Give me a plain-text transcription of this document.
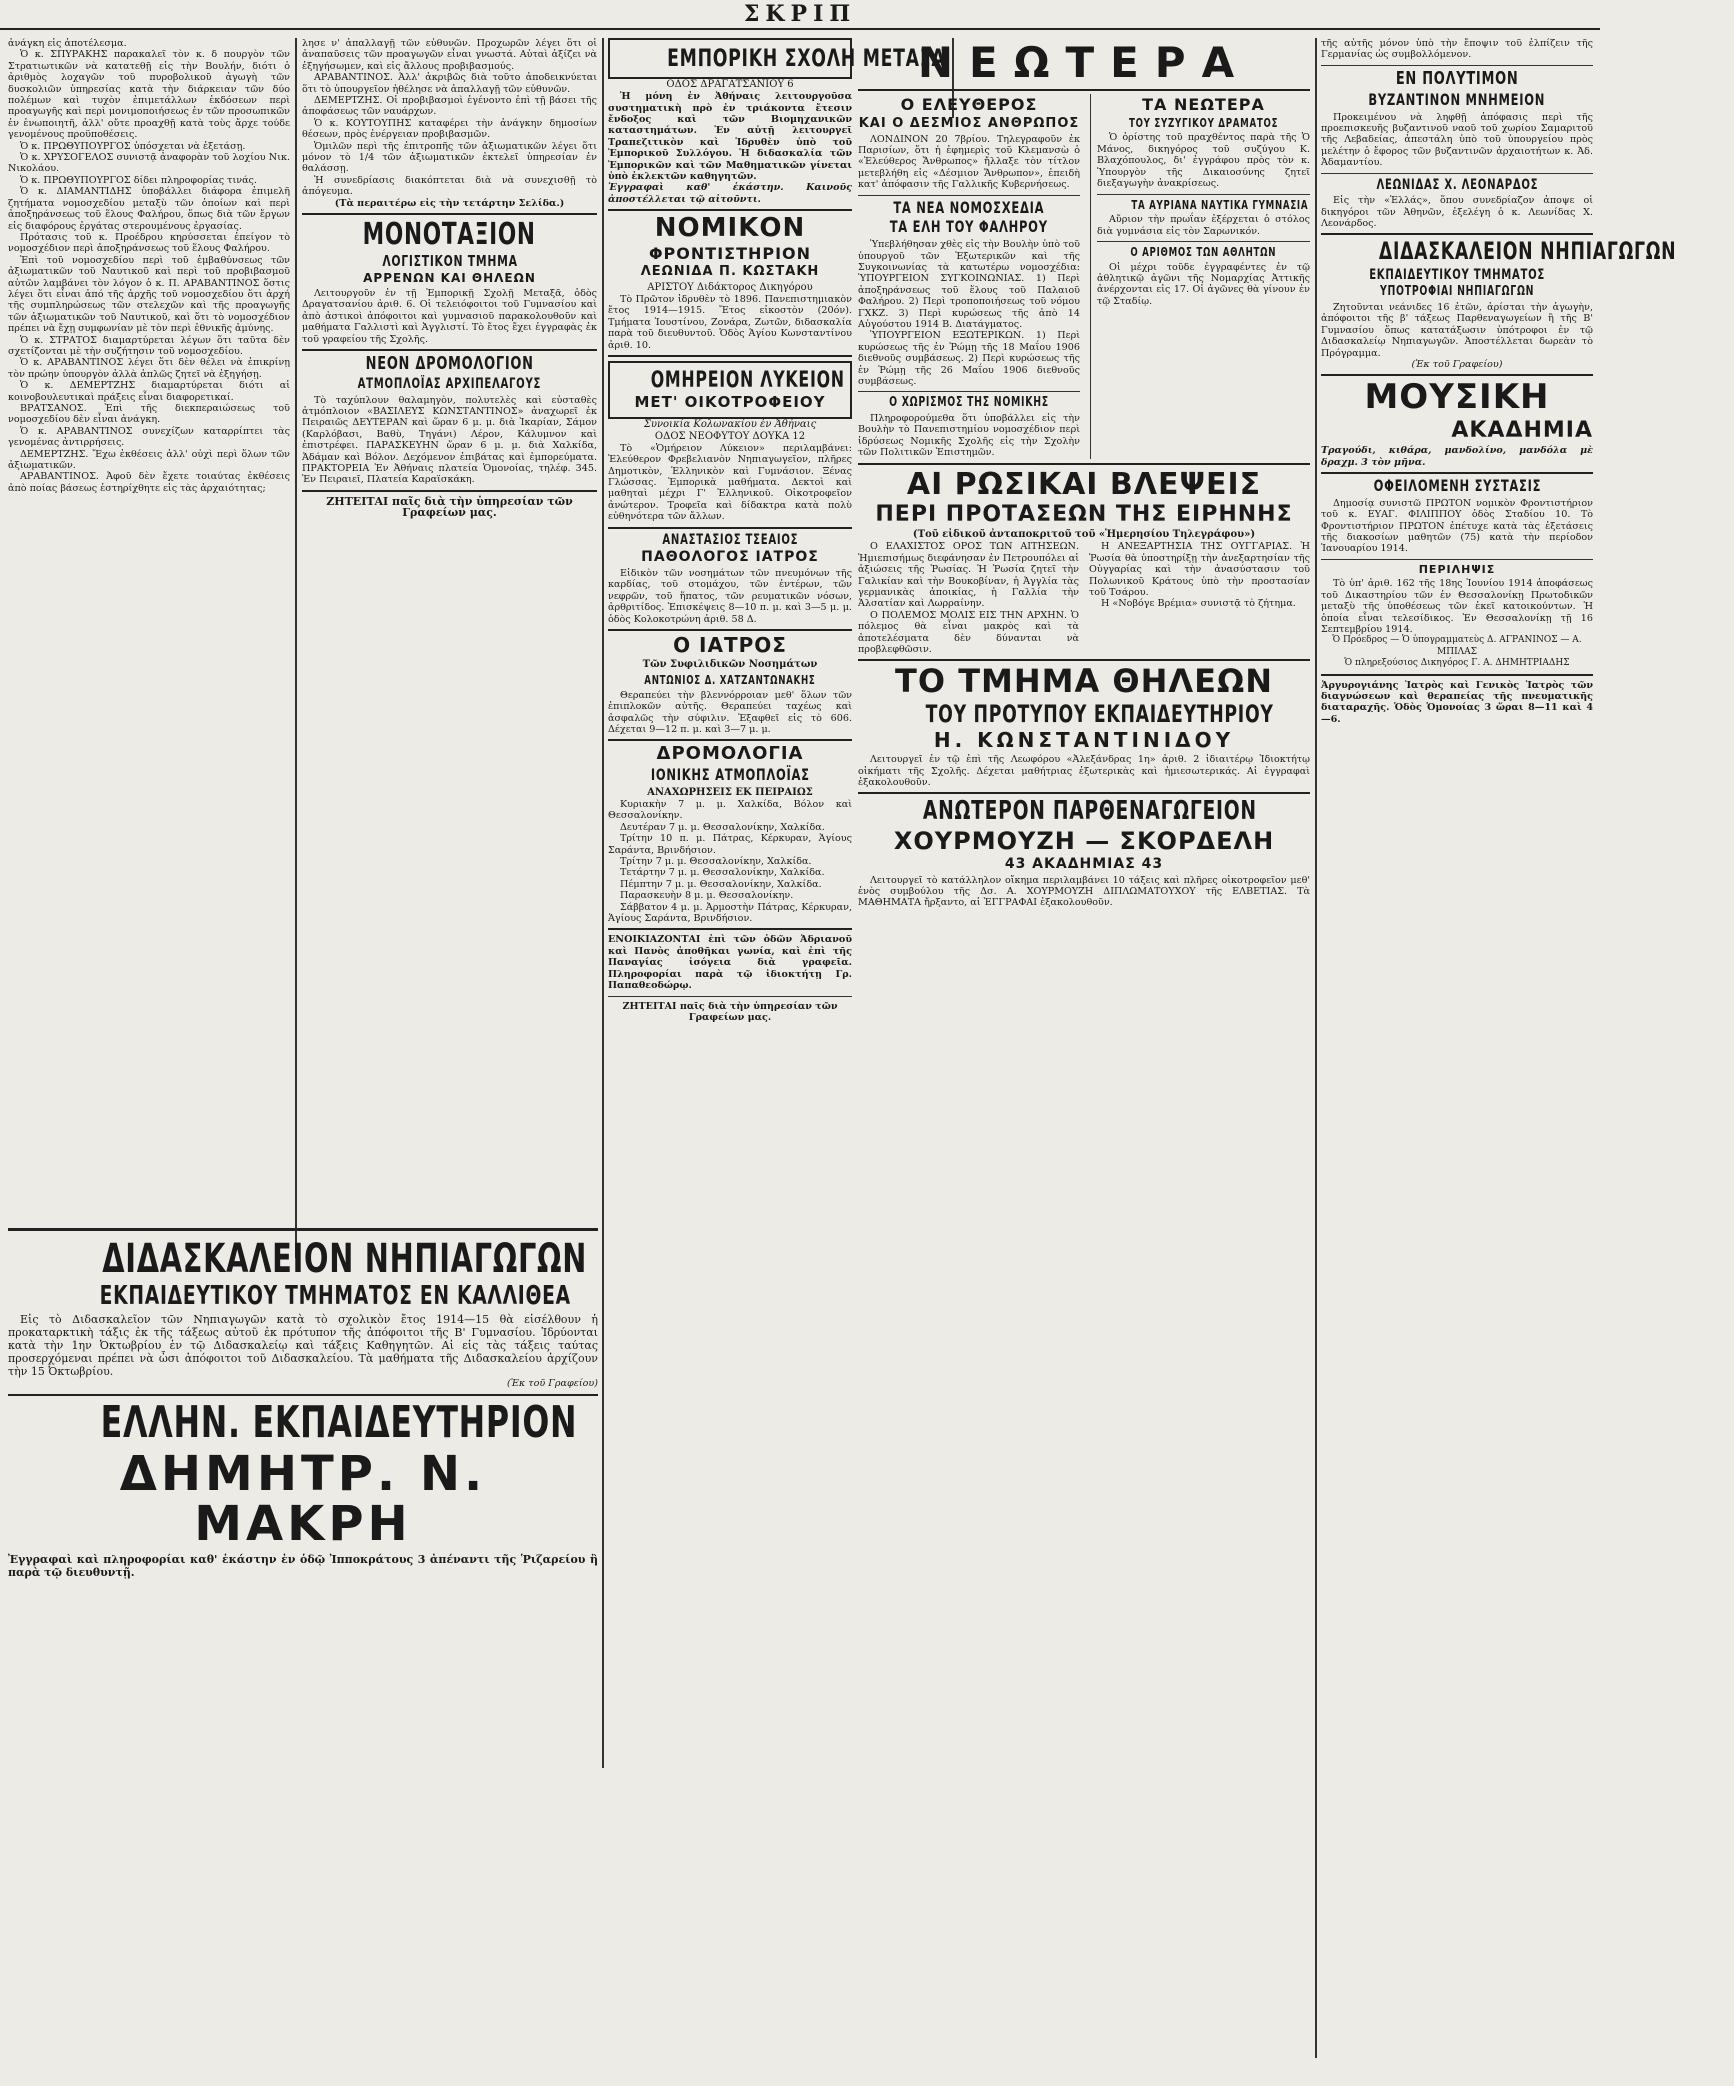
ΣΚΡΙΠ

ἀνάγκη εἰς ἀποτέλεσμα.

Ὁ κ. ΣΠΥΡΑΚΗΣ παρακαλεῖ τὸν κ. δ πουργὸν τῶν Στρατιωτικῶν νὰ κατατεθῇ εἰς τὴν Βουλήν, διότι ὁ ἀριθμὸς λοχαγῶν τοῦ πυροβολικοῦ ἀγωγὴ τῶν δυσκολιῶν ὑπηρεσίας κατὰ τὴν διάρκειαν τῶν δύο πολέμων καὶ τυχὸν ἐπιμετάλλων ἐκδόσεων περὶ προαγωγῆς καὶ περὶ μονιμοποιήσεως ἐν τῶν προσωπικῶν ἐν ἑνωποιητῆ, ἀλλ' οὔτε προαχθῇ κατὰ τοὺς ἄρχε τούδε γενομένους προϋποθέσεις.

Ὁ κ. ΠΡΩΘΥΠΟΥΡΓΟΣ ὑπόσχεται νὰ ἐξετάσῃ.

Ὁ κ. ΧΡΥΣΟΓΕΛΟΣ συνιστᾷ ἀναφορὰν τοῦ λοχίου Νικ. Νικολάου.

Ὁ κ. ΠΡΩΘΥΠΟΥΡΓΟΣ δίδει πληροφορίας τινάς.

Ὁ κ. ΔΙΑΜΑΝΤΙΔΗΣ ὑποβάλλει διάφορα ἐπιμελῆ ζητήματα νομοσχεδίου μεταξὺ τῶν ὁποίων καὶ περὶ ἀποξηράνσεως τοῦ ἕλους Φαλήρου, ὅπως διὰ τῶν ἔργων εἰς διαφόρους ἐργάτας στερουμένους ἐργασίας.

Πρότασις τοῦ κ. Προέδρου κηρύσσεται ἐπείγον τὸ νομοσχέδιον περὶ ἀποξηράνσεως τοῦ ἕλους Φαλήρου.

Ἐπὶ τοῦ νομοσχεδίου περὶ τοῦ ἐμβαθύνσεως τῶν ἀξιωματικῶν τοῦ Ναυτικοῦ καὶ περὶ τοῦ προβιβασμοῦ αὐτῶν λαμβάνει τὸν λόγον ὁ κ. Π. ΑΡΑΒΑΝΤΙΝΟΣ ὅστις λέγει ὅτι εἶναι ἀπό τῆς ἀρχῆς τοῦ νομοσχεδίου ὅτι ἀρχή τῆς συμπληρώσεως τῶν στελεχῶν καὶ τῆς προαγωγῆς τῶν ἀξιωματικῶν τοῦ Ναυτικοῦ, καὶ ὅτι τὸ νομοσχέδιον πρέπει νὰ ἔχῃ συμφωνίαν μὲ τὸν περὶ ἐθνικῆς ἀμύνης.

Ὁ κ. ΣΤΡΑΤΟΣ διαμαρτύρεται λέγων ὅτι ταῦτα δὲν σχετίζονται μὲ τὴν συζήτησιν τοῦ νομοσχεδίου.

Ὁ κ. ΑΡΑΒΑΝΤΙΝΟΣ λέγει ὅτι δὲν θέλει νὰ ἐπικρίνῃ τὸν πρώην ὑπουργὸν ἀλλὰ ἁπλῶς ζητεῖ νὰ ἐξηγήσῃ.

Ὁ κ. ΔΕΜΕΡΤΖΗΣ διαμαρτύρεται διότι αἱ κοινοβουλευτικαὶ πράξεις εἶναι διαφορετικαί.

ΒΡΑΤΣΑΝΟΣ. Ἐπὶ τῆς διεκπεραιώσεως τοῦ νομοσχεδίου δὲν εἶναι ἀνάγκη.

Ὁ κ. ΑΡΑΒΑΝΤΙΝΟΣ συνεχίζων καταρρίπτει τὰς γενομένας ἀντιρρήσεις.

ΔΕΜΕΡΤΖΗΣ. Ἔχω ἐκθέσεις ἀλλ' οὐχὶ περὶ ὅλων τῶν ἀξιωματικῶν.

ΑΡΑΒΑΝΤΙΝΟΣ. Ἀφοῦ δὲν ἔχετε τοιαύτας ἐκθέσεις ἀπὸ ποίας βάσεως ἐστηρίχθητε εἰς τὰς ἀρχαιότητας;

λησε ν' ἀπαλλαγῇ τῶν εὐθυνῶν. Προχωρῶν λέγει ὅτι οἱ ἀναπαῦσεις τῶν προαγωγῶν εἶναι γνωστά. Αὐταὶ ἀξίζει νὰ ἐξηγήσωμεν, καὶ εἰς ἄλλους προβιβασμούς.

ΑΡΑΒΑΝΤΙΝΟΣ. Ἀλλ' ἀκριβῶς διὰ τοῦτο ἀποδεικνύεται ὅτι τὸ ὑπουργεῖον ἠθέλησε νὰ ἀπαλλαγῇ τῶν εὐθυνῶν.

ΔΕΜΕΡΤΖΗΣ. Οἱ προβιβασμοὶ ἐγένοντο ἐπὶ τῇ βάσει τῆς ἀποφάσεως τῶν ναυάρχων.

Ὁ κ. ΚΟΥΤΟΥΠΗΣ καταφέρει τὴν ἀνάγκην δημοσίων θέσεων, πρὸς ἐνέργειαν προβιβασμῶν.

Ὁμιλῶν περὶ τῆς ἐπιτροπῆς τῶν ἀξιωματικῶν λέγει ὅτι μόνον τὸ 1/4 τῶν ἀξιωματικῶν ἐκτελεῖ ὑπηρεσίαν ἐν θαλάσσῃ.

Ἡ συνεδρίασις διακόπτεται διὰ νὰ συνεχισθῇ τὸ ἀπόγευμα.

(Τὰ περαιτέρω εἰς τὴν τετάρτην Σελίδα.)

ΜΟΝΟΤΑΞΙΟΝ
ΛΟΓΙΣΤΙΚΟΝ ΤΜΗΜΑ
ΑΡΡΕΝΩΝ ΚΑΙ ΘΗΛΕΩΝ

Λειτουργοῦν ἐν τῇ Ἐμπορικῇ Σχολῇ Μεταξᾶ, ὁδὸς Δραγατσανίου ἀριθ. 6. Οἱ τελειόφοιτοι τοῦ Γυμνασίου καὶ ἀπὸ ἀστικοὶ ἀπόφοιτοι καὶ γυμνασιοῦ παρακολουθοῦν καὶ μαθήματα Γαλλιστὶ καὶ Ἀγγλιστί. Τὸ ἔτος ἔχει ἐγγραφὰς ἐκ τοῦ γραφείου τῆς Σχολῆς.

ΝΕΟΝ ΔΡΟΜΟΛΟΓΙΟΝ
ΑΤΜΟΠΛΟΪΑΣ ΑΡΧΙΠΕΛΑΓΟΥΣ

Τὸ ταχύπλουν θαλαμηγὸν, πολυτελὲς καὶ εὐσταθὲς ἀτμόπλοιον «ΒΑΣΙΛΕΥΣ ΚΩΝΣΤΑΝΤΙΝΟΣ» ἀναχωρεῖ ἐκ Πειραιῶς ΔΕΥΤΕΡΑΝ καὶ ὥραν 6 μ. μ. διὰ Ἰκαρίαν, Σάμον (Καρλόβασι, Βαθὺ, Τηγάνι) Λέρον, Κάλυμνον καὶ ἐπιστρέφει. ΠΑΡΑΣΚΕΥΗΝ ὥραν 6 μ. μ. διὰ Χαλκίδα, Ἀδάμαν καὶ Βόλον. Δεχόμενον ἐπιβάτας καὶ ἐμπορεύματα. ΠΡΑΚΤΟΡΕΙΑ Ἐν Ἀθήναις πλατεία Ὁμονοίας, τηλέφ. 345. Ἐν Πειραιεῖ, Πλατεία Καραϊσκάκη.

ΖΗΤΕΙΤΑΙ παῖς διὰ τὴν ὑπηρεσίαν τῶν Γραφείων μας.

ΕΜΠΟΡΙΚΗ ΣΧΟΛΗ ΜΕΤΑΞΑ
ΟΔΟΣ ΔΡΑΓΑΤΣΑΝΙΟΥ 6

Ἡ μόνη ἐν Ἀθήναις λειτουργοῦσα συστηματικὴ πρὸ ἐν τριάκοντα ἔτεσιν ἔνδοξος καὶ τῶν Βιομηχανικῶν καταστημάτων. Ἐν αὐτῇ λειτουργεῖ Τραπεζιτικὸν καὶ Ἱδρυθὲν ὑπὸ τοῦ Ἐμπορικοῦ Συλλόγου. Ἡ διδασκαλία τῶν Ἐμπορικῶν καὶ τῶν Μαθηματικῶν γίνεται ὑπὸ ἐκλεκτῶν καθηγητῶν.

Ἐγγραφαὶ καθ' ἑκάστην. Καινοῦς ἀποστέλλεται τῷ αἰτοῦντι.

ΝΟΜΙΚΟΝ
ΦΡΟΝΤΙΣΤΗΡΙΟΝ
ΛΕΩΝΙΔΑ Π. ΚΩΣΤΑΚΗ
ΑΡΙΣΤΟΥ Διδάκτορος Δικηγόρου

Τὸ Πρῶτον ἱδρυθὲν τὸ 1896. Πανεπιστημιακὸν ἔτος 1914—1915. Ἔτος εἰκοστὸν (20όν). Τμήματα Ἰουστίνου, Ζονάρα, Ζωτῶν, διδασκαλία παρὰ τοῦ διευθυντοῦ. Ὁδὸς Ἁγίου Κωνσταντίνου ἀριθ. 10.

ΟΜΗΡΕΙΟΝ ΛΥΚΕΙΟΝ
ΜΕΤ' ΟΙΚΟΤΡΟΦΕΙΟΥ
Συνοικία Κολωνακίου ἐν Ἀθήναις
ΟΔΟΣ ΝΕΟΦΥΤΟΥ ΔΟΥΚΑ 12

Τὸ «Ὁμήρειον Λύκειον» περιλαμβάνει: Ἐλεύθερον Φρεβελιανὸν Νηπιαγωγεῖον, πλῆρες Δημοτικὸν, Ἑλληνικὸν καὶ Γυμνάσιον. Ξένας Γλώσσας. Ἐμπορικὰ μαθήματα. Δεκτοὶ καὶ μαθηταὶ μέχρι Γ' Ἑλληνικοῦ. Οἰκοτροφεῖον ἀνώτερον. Τροφεῖα καὶ δίδακτρα κατὰ πολὺ εὐθηνότερα τῶν ἄλλων.

ΑΝΑΣΤΑΣΙΟΣ ΤΣΕΑΙΟΣ
ΠΑΘΟΛΟΓΟΣ ΙΑΤΡΟΣ

Εἰδικὸν τῶν νοσημάτων τῶν πνευμόνων τῆς καρδίας, τοῦ στομάχου, τῶν ἐντέρων, τῶν νεφρῶν, τοῦ ἥπατος, τῶν ρευματικῶν νόσων, ἀρθριτίδος. Ἐπισκέψεις 8—10 π. μ. καὶ 3—5 μ. μ. ὁδὸς Κολοκοτρώνη ἀριθ. 58 Δ.

Ο ΙΑΤΡΟΣ
Τῶν Συφιλιδικῶν Νοσημάτων
ΑΝΤΩΝΙΟΣ Δ. ΧΑΤΖΑΝΤΩΝΑΚΗΣ

Θεραπεύει τὴν βλεννόρροιαν μεθ' ὅλων τῶν ἐπιπλοκῶν αὐτῆς. Θεραπεύει ταχέως καὶ ἀσφαλῶς τὴν σύφιλιν. Ἐξαφθεῖ εἰς τὸ 606. Δέχεται 9—12 π. μ. καὶ 3—7 μ. μ.

ΔΡΟΜΟΛΟΓΙΑ
ΙΟΝΙΚΗΣ ΑΤΜΟΠΛΟΪΑΣ
ΑΝΑΧΩΡΗΣΕΙΣ ΕΚ ΠΕΙΡΑΙΩΣ

Κυριακὴν 7 μ. μ. Χαλκίδα, Βόλον καὶ Θεσσαλονίκην.

Δευτέραν 7 μ. μ. Θεσσαλονίκην, Χαλκίδα.

Τρίτην 10 π. μ. Πάτρας, Κέρκυραν, Ἁγίους Σαράντα, Βρινδήσιον.

Τρίτην 7 μ. μ. Θεσσαλονίκην, Χαλκίδα.

Τετάρτην 7 μ. μ. Θεσσαλονίκην, Χαλκίδα.

Πέμπτην 7 μ. μ. Θεσσαλονίκην, Χαλκίδα.

Παρασκευὴν 8 μ. μ. Θεσσαλονίκην.

Σάββατον 4 μ. μ. Ἀρμοστὴν Πάτρας, Κέρκυραν, Ἁγίους Σαράντα, Βρινδήσιον.

ΕΝΟΙΚΙΑΖΟΝΤΑΙ ἐπὶ τῶν ὁδῶν Ἀδριανοῦ καὶ Πανὸς ἀποθῆκαι γωνία, καὶ ἐπὶ τῆς Παναγίας ἰσόγεια διὰ γραφεῖα. Πληροφορίαι παρὰ τῷ ἰδιοκτήτῃ Γρ. Παπαθεοδώρῳ.

ΖΗΤΕΙΤΑΙ παῖς διὰ τὴν ὑπηρεσίαν τῶν Γραφείων μας.

ΝΕΩΤΕΡΑ
Ο ΕΛΕΥΘΕΡΟΣ
ΚΑΙ Ο ΔΕΣΜΙΟΣ ΑΝΘΡΩΠΟΣ

ΛΟΝΔΙΝΟΝ 20 7βρίου. Τηλεγραφοῦν ἐκ Παρισίων, ὅτι ἡ ἐφημερὶς τοῦ Κλεμανσὼ ὁ «Ἐλεύθερος Ἄνθρωπος» ἤλλαξε τὸν τίτλον μετεβλήθη εἰς «Δέσμιον Ἄνθρωπον», ἐπειδὴ κατ' ἀπόφασιν τῆς Γαλλικῆς Κυβερνήσεως.

ΤΑ ΝΕΑ ΝΟΜΟΣΧΕΔΙΑ
ΤΑ ΕΛΗ ΤΟΥ ΦΑΛΗΡΟΥ

Ὑπεβλήθησαν χθὲς εἰς τὴν Βουλὴν ὑπὸ τοῦ ὑπουργοῦ τῶν Ἐξωτερικῶν καὶ τῆς Συγκοινωνίας τὰ κατωτέρω νομοσχέδια: ὙΠΟΥΡΓΕΙΟΝ ΣΥΓΚΟΙΝΩΝΙΑΣ. 1) Περὶ ἀποξηράνσεως τοῦ ἕλους τοῦ Παλαιοῦ Φαλήρου. 2) Περὶ τροποποιήσεως τοῦ νόμου ΓΧΚΖ. 3) Περὶ κυρώσεως τῆς ἀπὸ 14 Αὐγούστου 1914 Β. Διατάγματος.

ὙΠΟΥΡΓΕΙΟΝ ΕΞΩΤΕΡΙΚΩΝ. 1) Περὶ κυρώσεως τῆς ἐν Ῥώμῃ τῆς 18 Μαΐου 1906 διεθνοῦς συμβάσεως. 2) Περὶ κυρώσεως τῆς ἐν Ῥώμῃ τῆς 26 Μαΐου 1906 διεθνοῦς συμβάσεως.

Ο ΧΩΡΙΣΜΟΣ ΤΗΣ ΝΟΜΙΚΗΣ

Πληροφορούμεθα ὅτι ὑποβάλλει εἰς τὴν Βουλὴν τὸ Πανεπιστημίου νομοσχέδιον περὶ ἰδρύσεως Νομικῆς Σχολῆς εἰς τὴν Σχολὴν τῶν Πολιτικῶν Ἐπιστημῶν.

ΤΑ ΝΕΩΤΕΡΑ
ΤΟΥ ΣΥΖΥΓΙΚΟΥ ΔΡΑΜΑΤΟΣ

Ὁ ὀρίστης τοῦ πραχθέντος παρὰ τῆς Ὁ Μάνος, δικηγόρος τοῦ συζύγου Κ. Βλαχόπουλος, δι' ἐγγράφου πρὸς τὸν κ. Ὑπουργὸν τῆς Δικαιοσύνης ζητεῖ διεξαγωγὴν ἀνακρίσεως.

ΤΑ ΑΥΡΙΑΝΑ ΝΑΥΤΙΚΑ ΓΥΜΝΑΣΙΑ

Αὔριον τὴν πρωΐαν ἐξέρχεται ὁ στόλος διὰ γυμνάσια εἰς τὸν Σαρωνικόν.

Ο ΑΡΙΘΜΟΣ ΤΩΝ ΑΘΛΗΤΩΝ

Οἱ μέχρι τοῦδε ἐγγραφέντες ἐν τῷ ἀθλητικῷ ἀγῶνι τῆς Νομαρχίας Ἀττικῆς ἀνέρχονται εἰς 17. Οἱ ἀγῶνες θὰ γίνουν ἐν τῷ Σταδίῳ.

ΑΙ ΡΩΣΙΚΑΙ ΒΛΕΨΕΙΣ
ΠΕΡΙ ΠΡΟΤΑΣΕΩΝ ΤΗΣ ΕΙΡΗΝΗΣ
(Τοῦ εἰδικοῦ ἀνταποκριτοῦ τοῦ «Ἡμερησίου Τηλεγράφου»)

Ο ΕΛΑΧΙΣΤΟΣ ΟΡΟΣ ΤΩΝ ΑΙΤΗΣΕΩΝ. Ἡμιεπισήμως διεφάνησαν ἐν Πετρουπόλει αἱ ἀξιώσεις τῆς Ῥωσίας. Ἡ Ῥωσία ζητεῖ τὴν Γαλικίαν καὶ τὴν Βουκοβίναν, ἡ Ἀγγλία τὰς γερμανικὰς ἀποικίας, ἡ Γαλλία τὴν Ἀλσατίαν καὶ Λωρραίνην.

Ο ΠΟΛΕΜΟΣ ΜΟΛΙΣ ΕΙΣ ΤΗΝ ΑΡΧΗΝ. Ὁ πόλεμος θὰ εἶναι μακρὸς καὶ τὰ ἀποτελέσματα δὲν δύνανται νὰ προβλεφθῶσιν.

Η ΑΝΕΞΑΡΤΗΣΙΑ ΤΗΣ ΟΥΓΓΑΡΙΑΣ. Ἡ Ῥωσία θὰ ὑποστηρίξῃ τὴν ἀνεξαρτησίαν τῆς Οὐγγαρίας καὶ τὴν ἀνασύστασιν τοῦ Πολωνικοῦ Κράτους ὑπὸ τὴν προστασίαν τοῦ Τσάρου.

Η «Νοβόγε Βρέμια» συνιστᾷ τὸ ζήτημα.

ΤΟ ΤΜΗΜΑ ΘΗΛΕΩΝ
ΤΟΥ ΠΡΟΤΥΠΟΥ ΕΚΠΑΙΔΕΥΤΗΡΙΟΥ
Η. ΚΩΝΣΤΑΝΤΙΝΙΔΟΥ

Λειτουργεῖ ἐν τῷ ἐπὶ τῆς Λεωφόρου «Ἀλεξάνδρας 1η» ἀριθ. 2 ἰδιαιτέρῳ Ἰδιοκτήτῳ οἰκήματι τῆς Σχολῆς. Δέχεται μαθήτριας ἐξωτερικὰς καὶ ἡμιεσωτερικάς. Αἱ ἐγγραφαὶ ἐξακολουθοῦν.

ΑΝΩΤΕΡΟΝ ΠΑΡΘΕΝΑΓΩΓΕΙΟΝ
ΧΟΥΡΜΟΥΖΗ — ΣΚΟΡΔΕΛΗ
43 ΑΚΑΔΗΜΙΑΣ 43

Λειτουργεῖ τὸ κατάλληλον οἴκημα περιλαμβάνει 10 τάξεις καὶ πλῆρες οἰκοτροφεῖον μεθ' ἑνὸς συμβούλου τῆς Δσ. Α. ΧΟΥΡΜΟΥΖΗ ΔΙΠΛΩΜΑΤΟΥΧΟΥ τῆς ΕΛΒΕΤΙΑΣ. Τὰ ΜΑΘΗΜΑΤΑ ἤρξαντο, αἱ ἘΓΓΡΑΦΑΙ ἐξακολουθοῦν.

τῆς αὐτῆς μόνον ὑπὸ τὴν ἔποψιν τοῦ ἐλπίζειν τῆς Γερμανίας ὡς συμβολλόμενον.

ΕΝ ΠΟΛΥΤΙΜΟΝ
ΒΥΖΑΝΤΙΝΟΝ ΜΝΗΜΕΙΟΝ

Προκειμένου νὰ ληφθῇ ἀπόφασις περὶ τῆς προεπισκευῆς βυζαντινοῦ ναοῦ τοῦ χωρίου Σαμαριτοῦ τῆς Λεβαδείας, ἀπεστάλη ὑπὸ τοῦ ὑπουργείου πρὸς μελέτην ὁ ἔφορος τῶν βυζαντινῶν ἀρχαιοτήτων κ. Ἀδ. Ἀδαμαντίου.

ΛΕΩΝΙΔΑΣ Χ. ΛΕΟΝΑΡΔΟΣ

Εἰς τὴν «Ἑλλάς», ὅπου συνεδρίαζον ἀποψε οἱ δικηγόροι τῶν Ἀθηνῶν, ἐξελέγη ὁ κ. Λεωνίδας Χ. Λεονάρδος.

ΔΙΔΑΣΚΑΛΕΙΟΝ ΝΗΠΙΑΓΩΓΩΝ
ΕΚΠΑΙΔΕΥΤΙΚΟΥ ΤΜΗΜΑΤΟΣ
ΥΠΟΤΡΟΦΙΑΙ ΝΗΠΙΑΓΩΓΩΝ

Ζητοῦνται νεάνιδες 16 ἐτῶν, ἀρίσται τὴν ἀγωγὴν, ἀπόφοιτοι τῆς β' τάξεως Παρθεναγωγείων ἢ τῆς Β' Γυμνασίου ὅπως κατατάξωσιν ὑπότροφοι ἐν τῷ Διδασκαλείῳ Νηπιαγωγῶν. Ἀποστέλλεται δωρεὰν τὸ Πρόγραμμα.

(Ἐκ τοῦ Γραφείου)

ΜΟΥΣΙΚΗ
ΑΚΑΔΗΜΙΑ

Τραγούδι, κιθάρα, μανδολίνο, μανδόλα μὲ δραχμ. 3 τὸν μῆνα.

ΟΦΕΙΛΟΜΕΝΗ ΣΥΣΤΑΣΙΣ

Δημοσίᾳ συνιστῶ ΠΡΩΤΟΝ νομικὸν Φροντιστήριον τοῦ κ. ΕΥΑΓ. ΦΙΛΙΠΠΟΥ ὁδὸς Σταδίου 10. Τὸ Φροντιστήριον ΠΡΩΤΟΝ ἐπέτυχε κατὰ τὰς ἐξετάσεις τῆς διακοσίων μαθητῶν (75) κατὰ τὴν περίοδον Ἰανουαρίου 1914.

ΠΕΡΙΛΗΨΙΣ

Τὸ ὑπ' ἀριθ. 162 τῆς 18ης Ἰουνίου 1914 ἀποφάσεως τοῦ Δικαστηρίου τῶν ἐν Θεσσαλονίκῃ Πρωτοδικῶν μεταξὺ τῆς ὑποθέσεως τῶν ἐκεῖ κατοικούντων. Ἡ ὁποία εἶναι τελεσίδικος. Ἐν Θεσσαλονίκῃ τῇ 16 Σεπτεμβρίου 1914.

Ὁ Πρόεδρος — Ὁ ὑπογραμματεὺς Δ. ΑΓΡΑΝΙΝΟΣ — Α. ΜΠΙΛΑΣ

Ὁ πληρεξούσιος Δικηγόρος Γ. Α. ΔΗΜΗΤΡΙΑΔΗΣ

Ἀργυρογιάνης Ἰατρὸς καὶ Γενικὸς Ἰατρὸς τῶν διαγνώσεων καὶ θεραπείας τῆς πνευματικῆς διαταραχῆς. Ὁδὸς Ὁμονοίας 3 ὥραι 8—11 καὶ 4—6.

ΔΙΔΑΣΚΑΛΕΙΟΝ ΝΗΠΙΑΓΩΓΩΝ
ΕΚΠΑΙΔΕΥΤΙΚΟΥ ΤΜΗΜΑΤΟΣ ΕΝ ΚΑΛΛΙΘΕΑ

Εἰς τὸ Διδασκαλεῖον τῶν Νηπιαγωγῶν κατὰ τὸ σχολικὸν ἔτος 1914—15 θὰ εἰσέλθουν ἡ προκαταρκτικὴ τάξις ἐκ τῆς τάξεως αὐτοῦ ἐκ πρότυπον τῆς ἀπόφοιτοι τῆς Β' Γυμνασίου. Ἱδρύονται κατὰ τὴν 1ην Ὀκτωβρίου ἐν τῷ Διδασκαλείῳ καὶ τάξεις Καθηγητῶν. Αἱ εἰς τὰς τάξεις ταύτας προσερχόμεναι πρέπει νὰ ὦσι ἀπόφοιτοι τοῦ Διδασκαλείου. Τὰ μαθήματα τῆς Διδασκαλείου ἀρχίζουν τὴν 15 Ὀκτωβρίου.

(Ἐκ τοῦ Γραφείου)

ΕΛΛΗΝ. ΕΚΠΑΙΔΕΥΤΗΡΙΟΝ
ΔΗΜΗΤΡ. Ν. ΜΑΚΡΗ

Ἐγγραφαὶ καὶ πληροφορίαι καθ' ἑκάστην ἐν ὁδῷ Ἰπποκράτους 3 ἀπέναντι τῆς Ῥιζαρείου ἢ παρὰ τῷ διευθυντῇ.
